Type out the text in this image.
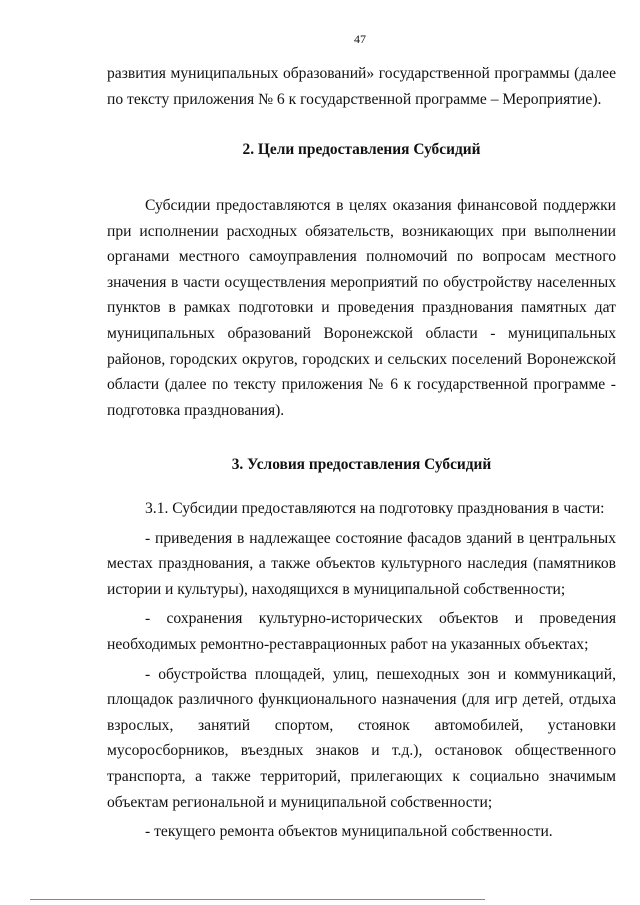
47

развития муниципальных образований» государственной программы (далее по тексту приложения № 6 к государственной программе – Мероприятие).

2. Цели предоставления Субсидий

Субсидии предоставляются в целях оказания финансовой поддержки при исполнении расходных обязательств, возникающих при выполнении органами местного самоуправления полномочий по вопросам местного значения в части осуществления мероприятий по обустройству населенных пунктов в рамках подготовки и проведения празднования памятных дат муниципальных образований Воронежской области - муниципальных районов, городских округов, городских и сельских поселений Воронежской области (далее по тексту приложения № 6 к государственной программе - подготовка празднования).

3. Условия предоставления Субсидий

3.1. Субсидии предоставляются на подготовку празднования в части:

- приведения в надлежащее состояние фасадов зданий в центральных местах празднования, а также объектов культурного наследия (памятников истории и культуры), находящихся в муниципальной собственности;

- сохранения культурно-исторических объектов и проведения необходимых ремонтно-реставрационных работ на указанных объектах;

- обустройства площадей, улиц, пешеходных зон и коммуникаций, площадок различного функционального назначения (для игр детей, отдыха взрослых, занятий спортом, стоянок автомобилей, установки мусоросборников, въездных знаков и т.д.), остановок общественного транспорта, а также территорий, прилегающих к социально значимым объектам региональной и муниципальной собственности;

- текущего ремонта объектов муниципальной собственности.
